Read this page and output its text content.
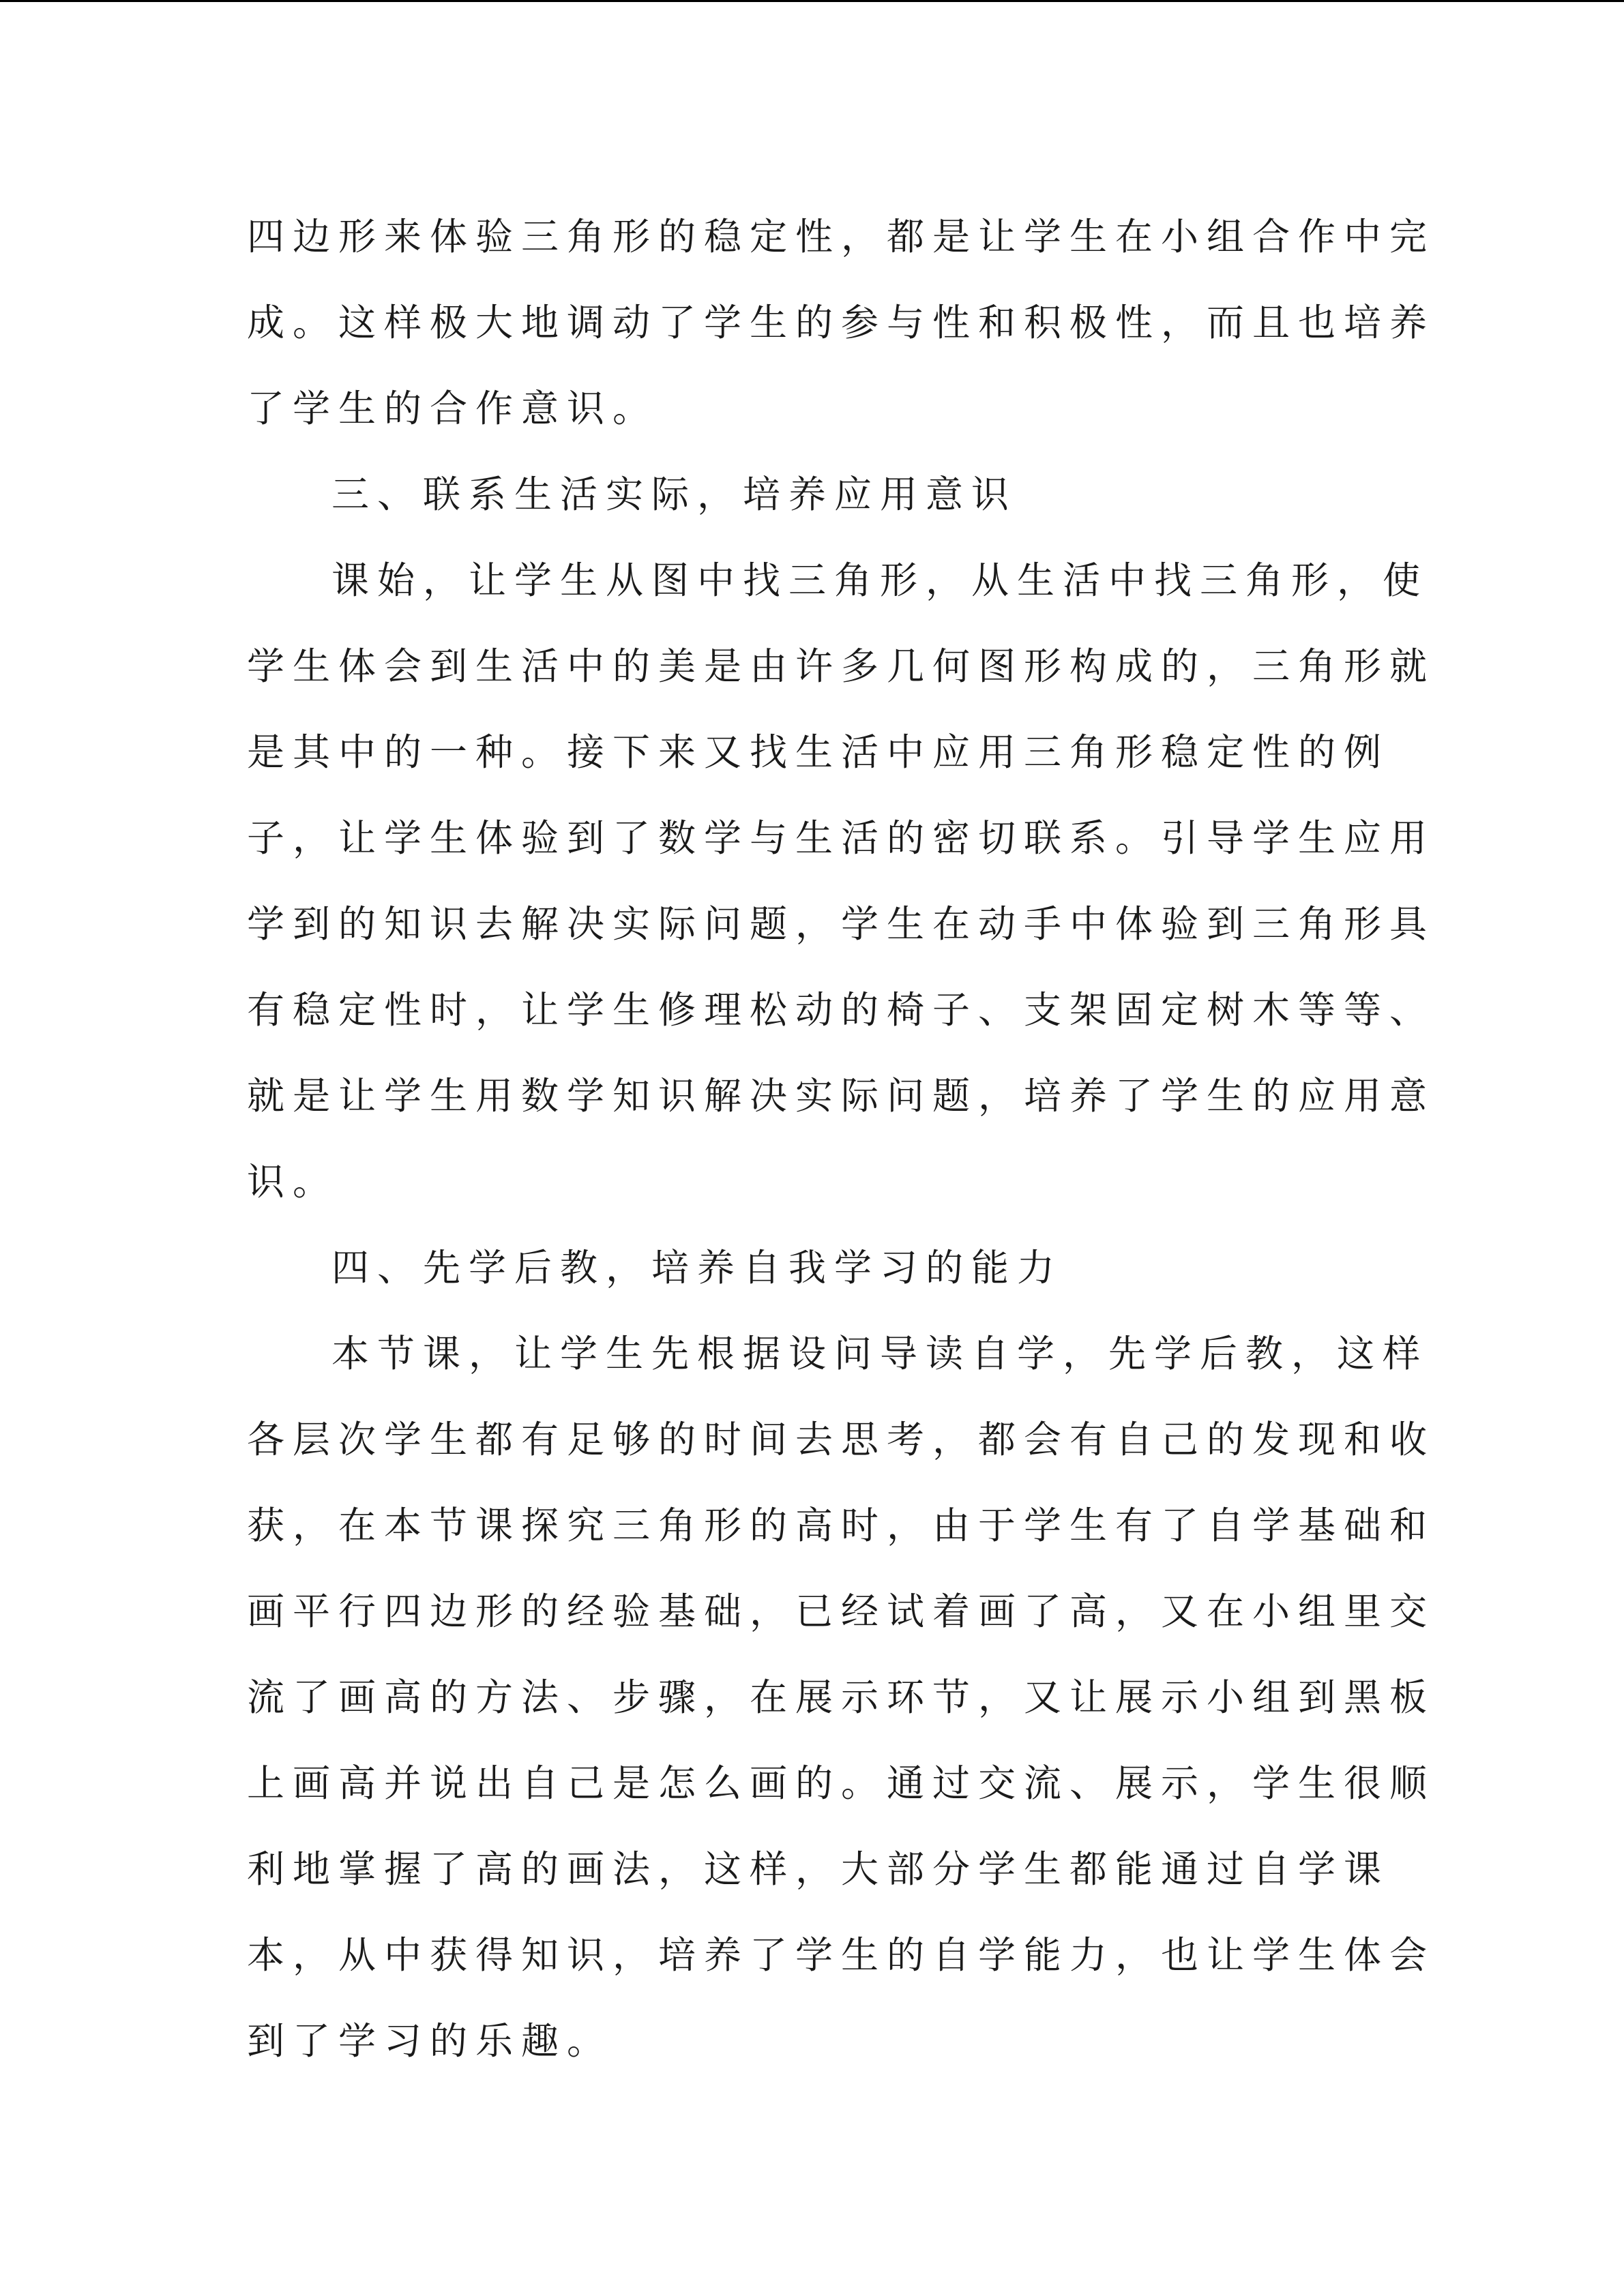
四边形来体验三角形的稳定性，都是让学生在小组合作中完
成。这样极大地调动了学生的参与性和积极性，而且也培养
了学生的合作意识。
三、联系生活实际，培养应用意识
课始，让学生从图中找三角形，从生活中找三角形，使
学生体会到生活中的美是由许多几何图形构成的，三角形就
是其中的一种。接下来又找生活中应用三角形稳定性的例
子，让学生体验到了数学与生活的密切联系。引导学生应用
学到的知识去解决实际问题，学生在动手中体验到三角形具
有稳定性时，让学生修理松动的椅子、支架固定树木等等、
就是让学生用数学知识解决实际问题，培养了学生的应用意
识。
四、先学后教，培养自我学习的能力
本节课，让学生先根据设问导读自学，先学后教，这样
各层次学生都有足够的时间去思考，都会有自己的发现和收
获，在本节课探究三角形的高时，由于学生有了自学基础和
画平行四边形的经验基础，已经试着画了高，又在小组里交
流了画高的方法、步骤，在展示环节，又让展示小组到黑板
上画高并说出自己是怎么画的。通过交流、展示，学生很顺
利地掌握了高的画法，这样，大部分学生都能通过自学课
本，从中获得知识，培养了学生的自学能力，也让学生体会
到了学习的乐趣。
